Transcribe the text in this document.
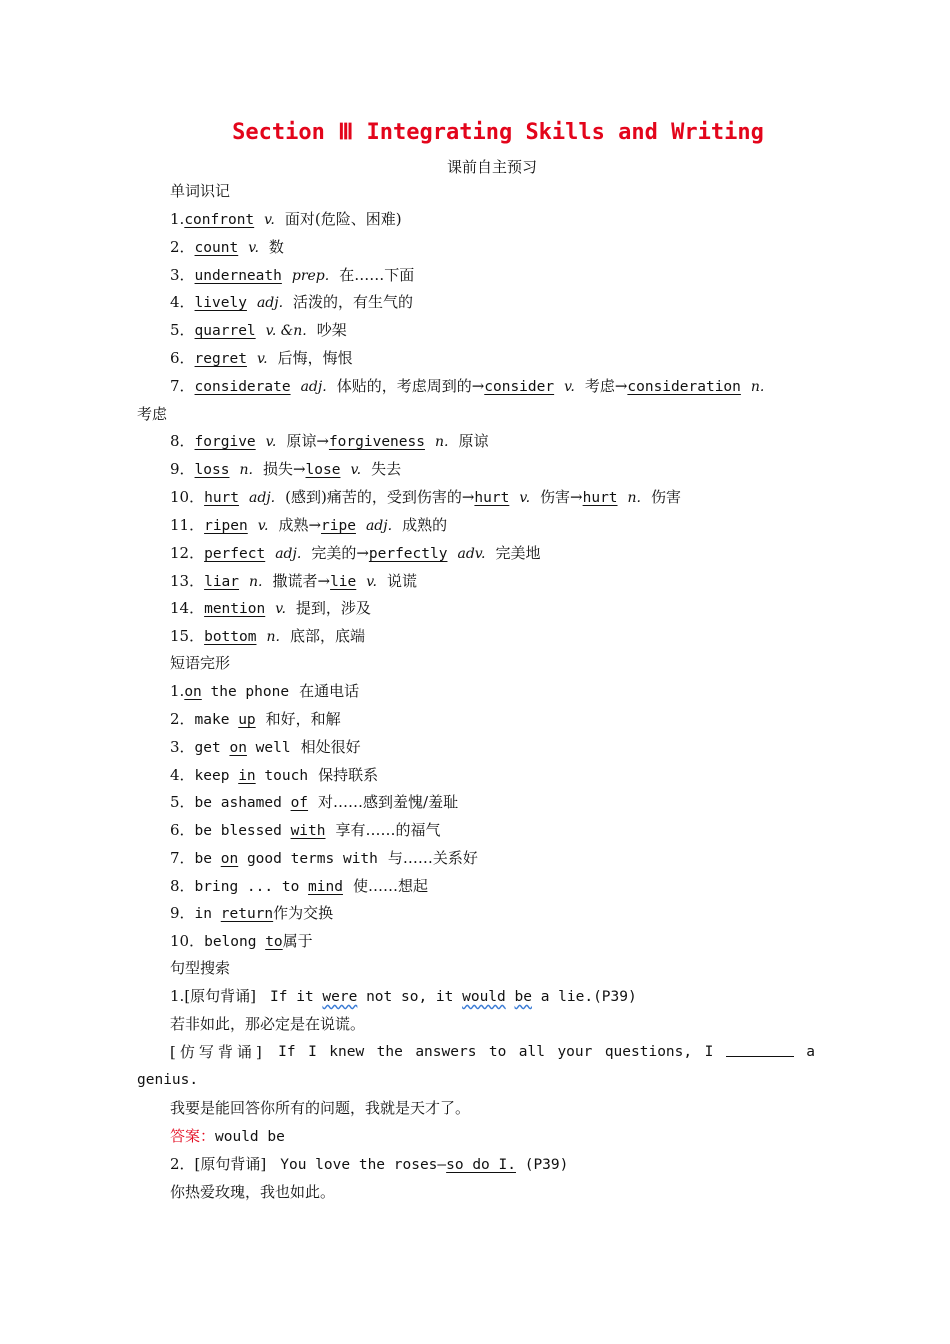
Section Ⅲ Integrating Skills and Writing
课前自主预习
单词识记
1.confront v. 面对(危险、困难)
2．count v. 数
3．underneath prep. 在……下面
4．lively adj. 活泼的，有生气的
5．quarrel v. &n. 吵架
6．regret v. 后悔，悔恨
7．considerate adj. 体贴的，考虑周到的→consider v. 考虑→consideration n.
考虑
8．forgive v. 原谅→forgiveness n. 原谅
9．loss n. 损失→lose v. 失去
10．hurt adj. (感到)痛苦的，受到伤害的→hurt v. 伤害→hurt n. 伤害
11．ripen v. 成熟→ripe adj. 成熟的
12．perfect adj. 完美的→perfectly adv. 完美地
13．liar n. 撒谎者→lie v. 说谎
14．mention v. 提到，涉及
15．bottom n. 底部，底端
短语完形
1.on the phone 在通电话
2．make up 和好，和解
3．get on well 相处很好
4．keep in touch 保持联系
5．be ashamed of 对……感到羞愧/羞耻
6．be blessed with 享有……的福气
7．be on good terms with 与……关系好
8．bring ... to mind 使……想起
9．in return作为交换
10．belong to属于
句型搜索
1.[原句背诵] If it were not so, it would be a lie.(P39)
若非如此，那必定是在说谎。
[仿写背诵] If I knew the answers to all your questions, I	a
genius.
我要是能回答你所有的问题，我就是天才了。
答案：would be
2．[原句背诵] You love the roses—so do I. (P39)
你热爱玫瑰，我也如此。
